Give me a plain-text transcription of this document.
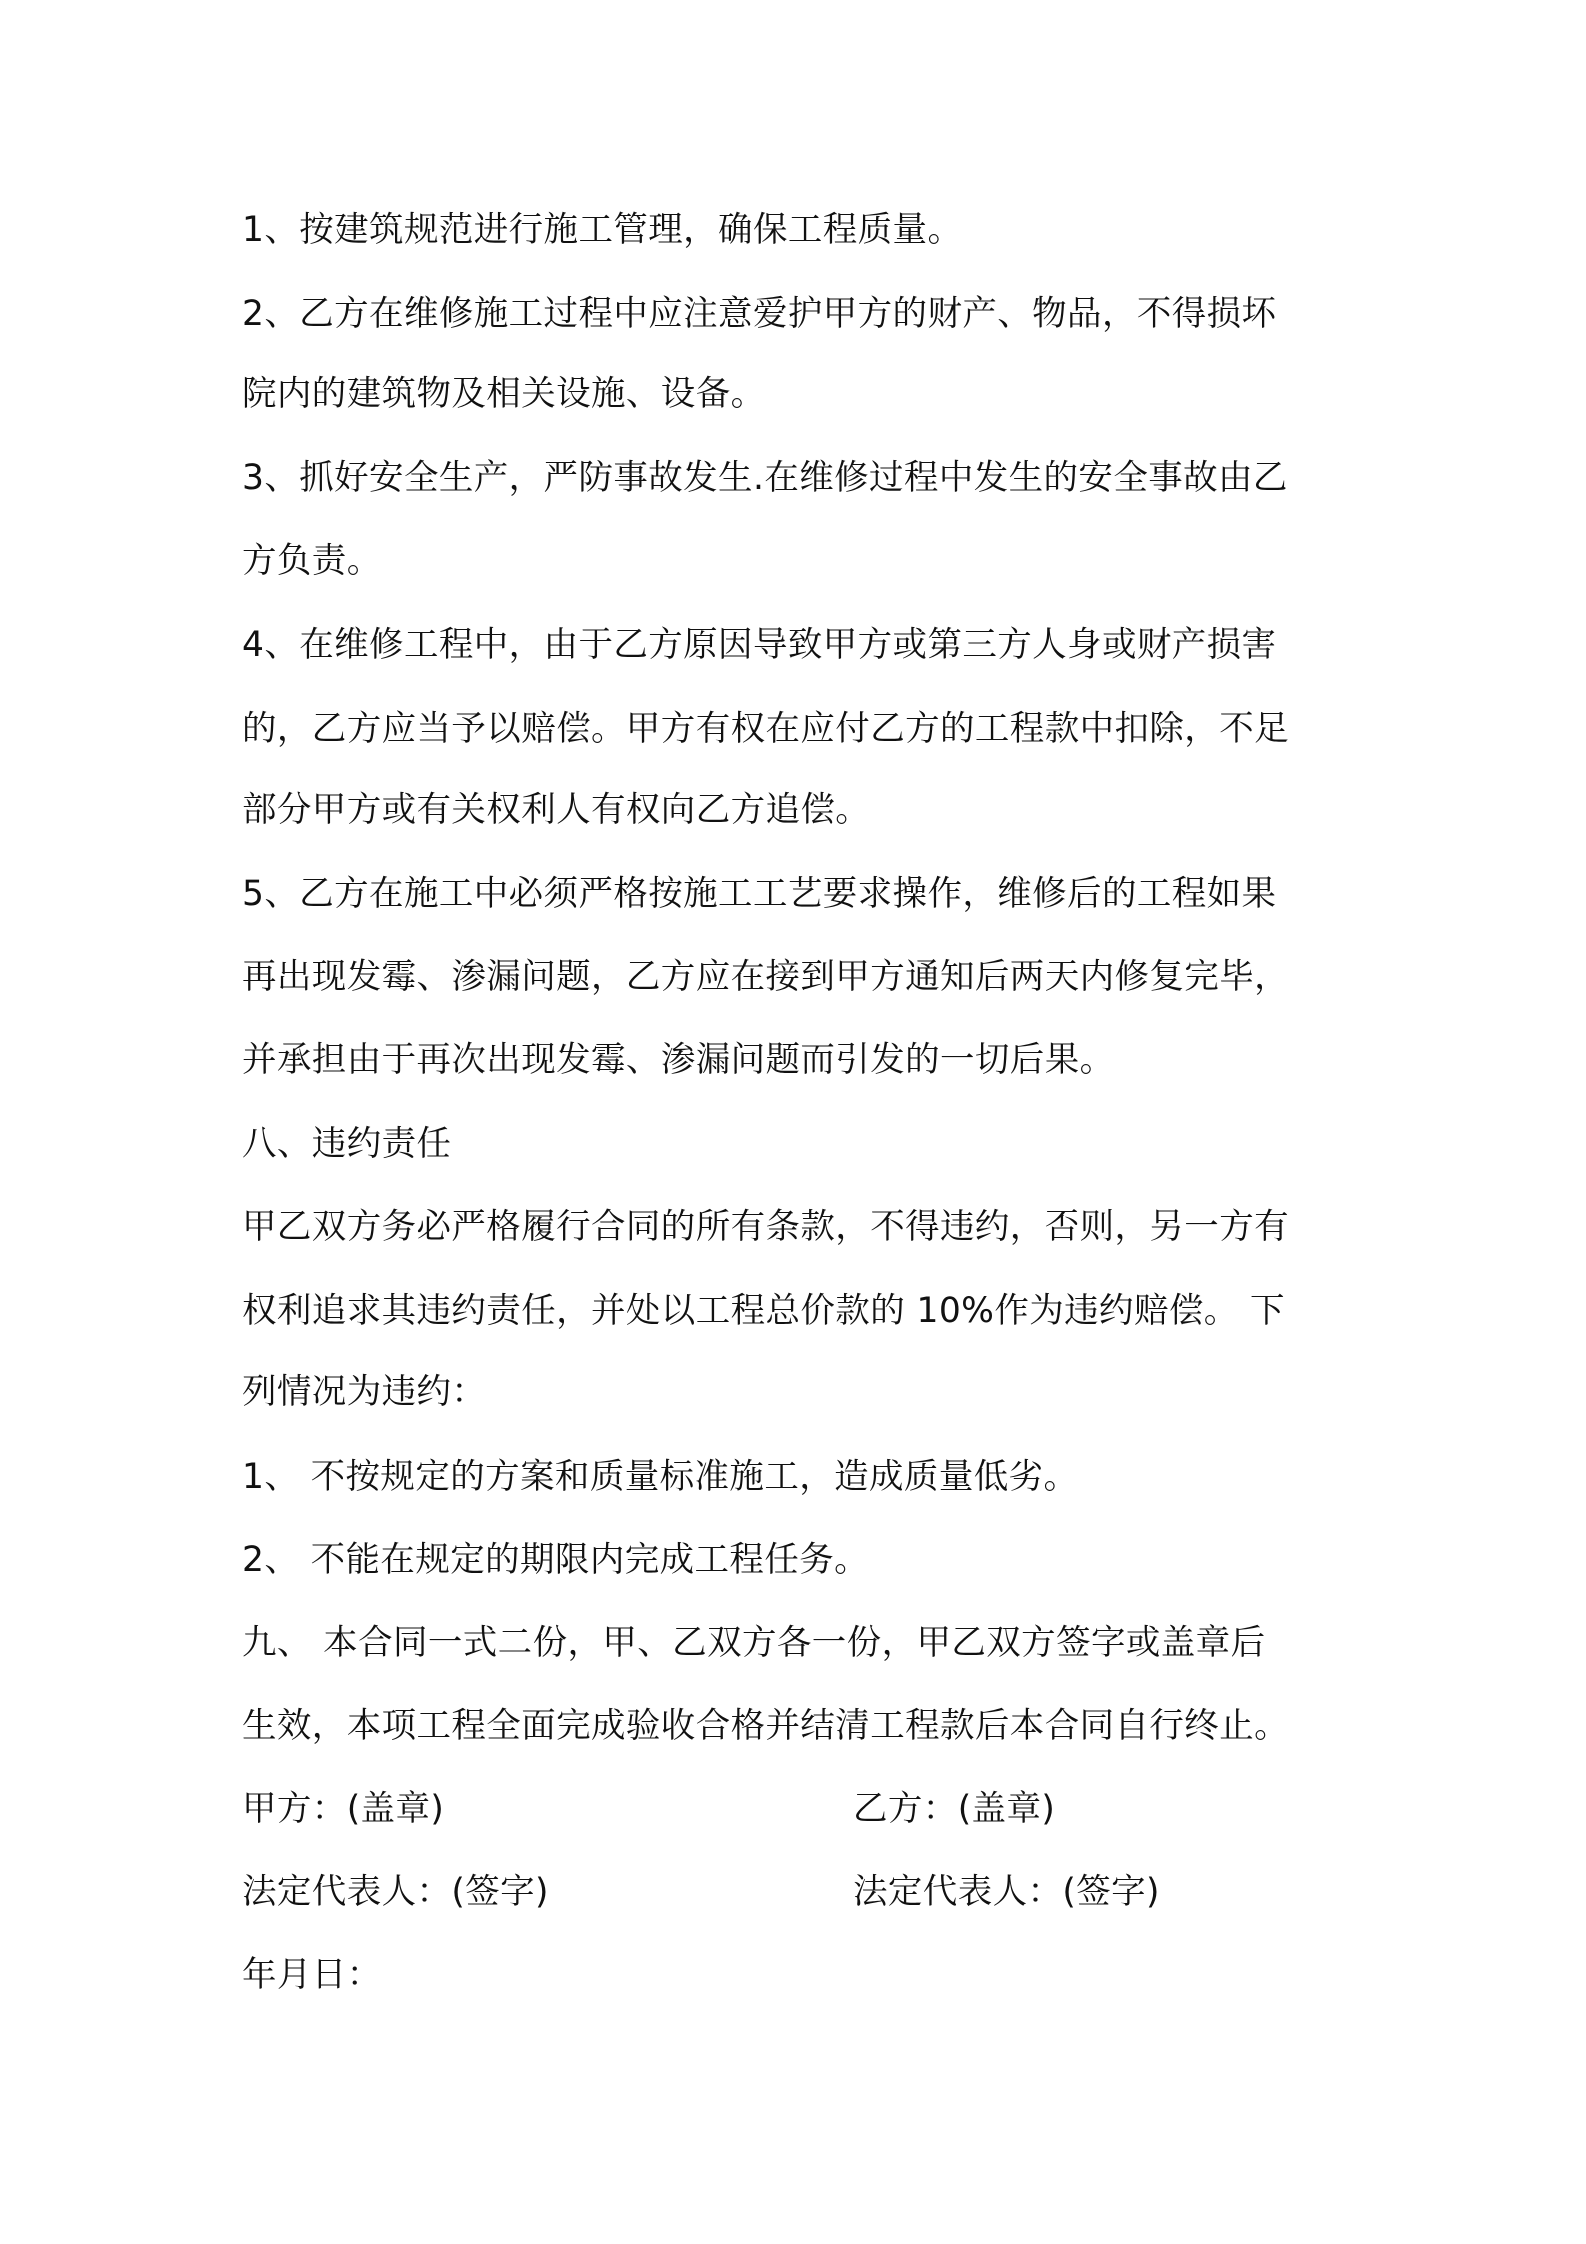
1、按建筑规范进行施工管理，确保工程质量。
2、乙方在维修施工过程中应注意爱护甲方的财产、物品，不得损坏
院内的建筑物及相关设施、设备。
3、抓好安全生产，严防事故发生.在维修过程中发生的安全事故由乙
方负责。
4、在维修工程中，由于乙方原因导致甲方或第三方人身或财产损害
的，乙方应当予以赔偿。甲方有权在应付乙方的工程款中扣除，不足
部分甲方或有关权利人有权向乙方追偿。
5、乙方在施工中必须严格按施工工艺要求操作，维修后的工程如果
再出现发霉、渗漏问题，乙方应在接到甲方通知后两天内修复完毕，
并承担由于再次出现发霉、渗漏问题而引发的一切后果。
八、违约责任
甲乙双方务必严格履行合同的所有条款，不得违约，否则，另一方有
权利追求其违约责任，并处以工程总价款的 10%作为违约赔偿。 下
列情况为违约：
1、 不按规定的方案和质量标准施工，造成质量低劣。
2、 不能在规定的期限内完成工程任务。
九、 本合同一式二份，甲、乙双方各一份，甲乙双方签字或盖章后
生效，本项工程全面完成验收合格并结清工程款后本合同自行终止。
甲方：(盖章)	乙方：(盖章)
法定代表人：(签字)	法定代表人：(签字)
年月日：
